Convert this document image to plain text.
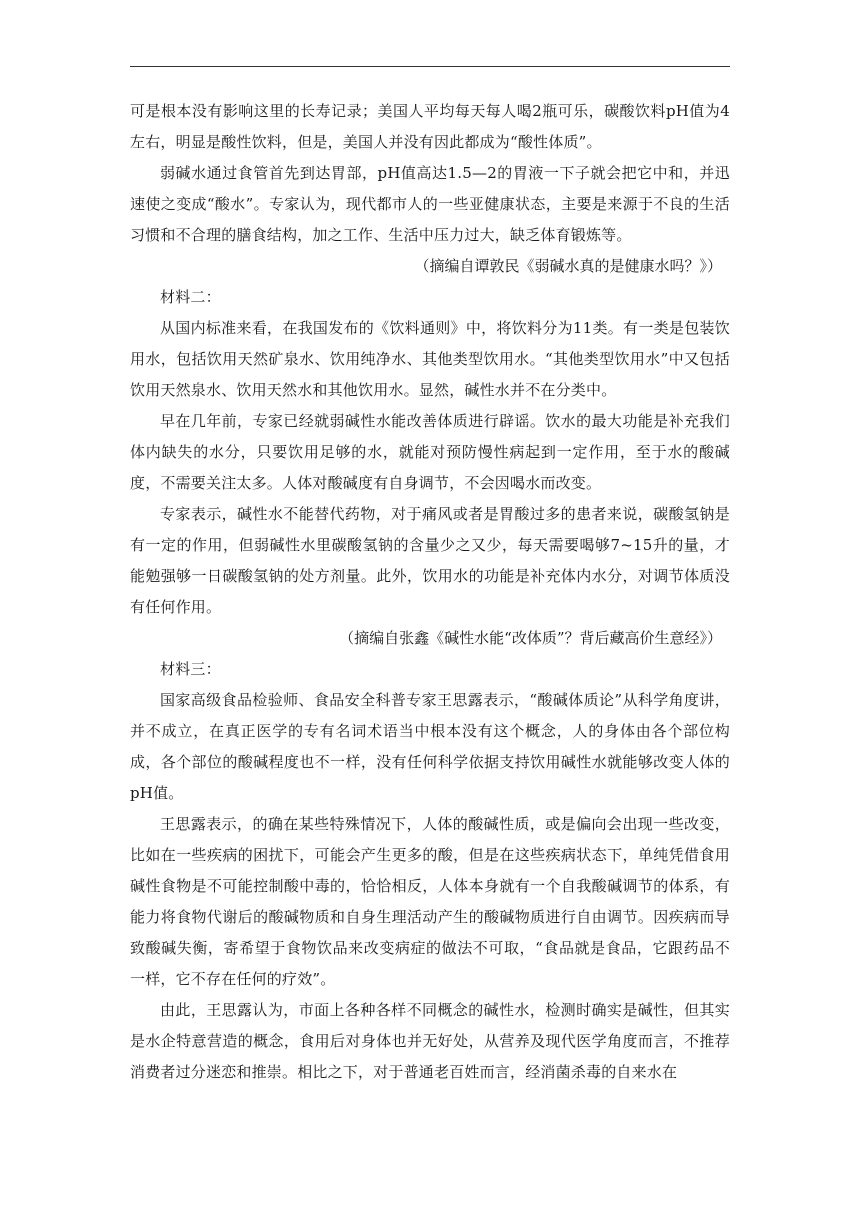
可是根本没有影响这里的长寿记录；美国人平均每天每人喝2瓶可乐，碳酸饮料pH值为4左右，明显是酸性饮料，但是，美国人并没有因此都成为“酸性体质”。

弱碱水通过食管首先到达胃部，pH值高达1.5—2的胃液一下子就会把它中和，并迅速使之变成“酸水”。专家认为，现代都市人的一些亚健康状态，主要是来源于不良的生活习惯和不合理的膳食结构，加之工作、生活中压力过大，缺乏体育锻炼等。

（摘编自谭敦民《弱碱水真的是健康水吗？》）

材料二：

从国内标准来看，在我国发布的《饮料通则》中，将饮料分为11类。有一类是包装饮用水，包括饮用天然矿泉水、饮用纯净水、其他类型饮用水。“其他类型饮用水”中又包括饮用天然泉水、饮用天然水和其他饮用水。显然，碱性水并不在分类中。

早在几年前，专家已经就弱碱性水能改善体质进行辟谣。饮水的最大功能是补充我们体内缺失的水分，只要饮用足够的水，就能对预防慢性病起到一定作用，至于水的酸碱度，不需要关注太多。人体对酸碱度有自身调节，不会因喝水而改变。

专家表示，碱性水不能替代药物，对于痛风或者是胃酸过多的患者来说，碳酸氢钠是有一定的作用，但弱碱性水里碳酸氢钠的含量少之又少，每天需要喝够7~15升的量，才能勉强够一日碳酸氢钠的处方剂量。此外，饮用水的功能是补充体内水分，对调节体质没有任何作用。

（摘编自张鑫《碱性水能“改体质”？背后藏高价生意经》）

材料三：

国家高级食品检验师、食品安全科普专家王思露表示，“酸碱体质论”从科学角度讲，并不成立，在真正医学的专有名词术语当中根本没有这个概念，人的身体由各个部位构成，各个部位的酸碱程度也不一样，没有任何科学依据支持饮用碱性水就能够改变人体的pH值。

王思露表示，的确在某些特殊情况下，人体的酸碱性质，或是偏向会出现一些改变，比如在一些疾病的困扰下，可能会产生更多的酸，但是在这些疾病状态下，单纯凭借食用碱性食物是不可能控制酸中毒的，恰恰相反，人体本身就有一个自我酸碱调节的体系，有能力将食物代谢后的酸碱物质和自身生理活动产生的酸碱物质进行自由调节。因疾病而导致酸碱失衡，寄希望于食物饮品来改变病症的做法不可取，“食品就是食品，它跟药品不一样，它不存在任何的疗效”。

由此，王思露认为，市面上各种各样不同概念的碱性水，检测时确实是碱性，但其实是水企特意营造的概念，食用后对身体也并无好处，从营养及现代医学角度而言，不推荐消费者过分迷恋和推崇。相比之下，对于普通老百姓而言，经消菌杀毒的自来水在
